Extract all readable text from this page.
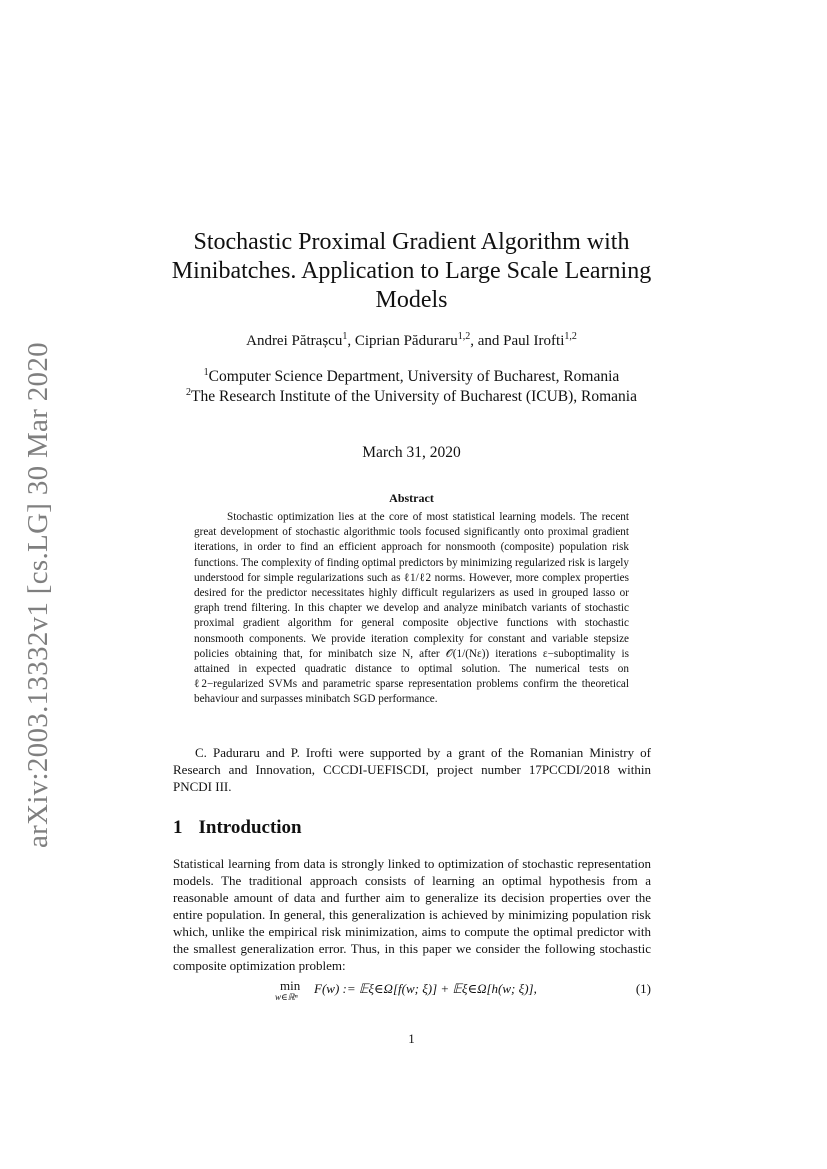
arXiv:2003.13332v1 [cs.LG] 30 Mar 2020
Stochastic Proximal Gradient Algorithm with Minibatches. Application to Large Scale Learning Models
Andrei Pătrașcu$^1$, Ciprian Păduraru$^{1,2}$, and Paul Irofti$^{1,2}$
$^1$Computer Science Department, University of Bucharest, Romania
$^2$The Research Institute of the University of Bucharest (ICUB), Romania
March 31, 2020
Abstract
Stochastic optimization lies at the core of most statistical learning models. The recent great development of stochastic algorithmic tools focused significantly onto proximal gradient iterations, in order to find an efficient approach for nonsmooth (composite) population risk functions. The complexity of finding optimal predictors by minimizing regularized risk is largely understood for simple regularizations such as ℓ1/ℓ2 norms. However, more complex properties desired for the predictor necessitates highly difficult regularizers as used in grouped lasso or graph trend filtering. In this chapter we develop and analyze minibatch variants of stochastic proximal gradient algorithm for general composite objective functions with stochastic nonsmooth components. We provide iteration complexity for constant and variable stepsize policies obtaining that, for minibatch size N, after 𝒪(1/(Nε)) iterations ε−suboptimality is attained in expected quadratic distance to optimal solution. The numerical tests on ℓ2−regularized SVMs and parametric sparse representation problems confirm the theoretical behaviour and surpasses minibatch SGD performance.
C. Paduraru and P. Irofti were supported by a grant of the Romanian Ministry of Research and Innovation, CCCDI-UEFISCDI, project number 17PCCDI/2018 within PNCDI III.
1 Introduction
Statistical learning from data is strongly linked to optimization of stochastic representation models. The traditional approach consists of learning an optimal hypothesis from a reasonable amount of data and further aim to generalize its decision properties over the entire population. In general, this generalization is achieved by minimizing population risk which, unlike the empirical risk minimization, aims to compute the optimal predictor with the smallest generalization error. Thus, in this paper we consider the following stochastic composite optimization problem:
min
w∈ℝⁿ
F(w) := 𝔼ξ∈Ω[f(w; ξ)] + 𝔼ξ∈Ω[h(w; ξ)],	(1)
1
